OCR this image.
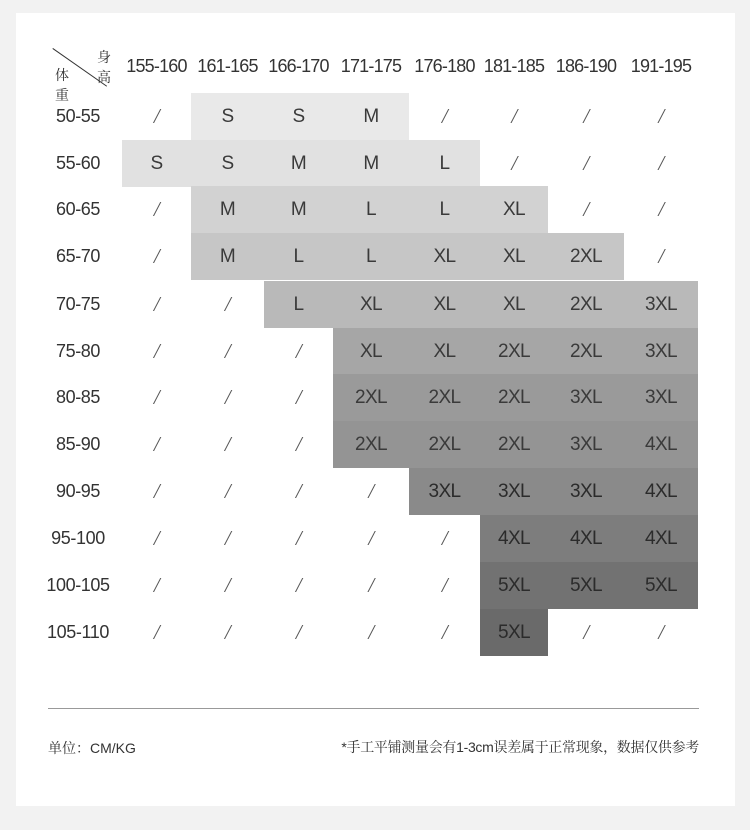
身高
体重
155-160 161-165 166-170 171-175 176-180 181-185 186-190 191-195
50-55	/	S	S	M	/	/	/	/
55-60	S	S	M	M	L	/	/	/
60-65	/	M	M	L	L	XL	/	/
65-70	/	M	L	L	XL	XL	2XL	/
70-75	/	/	L	XL	XL	XL	2XL	3XL
75-80	/	/	/	XL	XL	2XL	2XL	3XL
80-85	/	/	/	2XL	2XL	2XL	3XL	3XL
85-90	/	/	/	2XL	2XL	2XL	3XL	4XL
90-95	/	/	/	/	3XL	3XL	3XL	4XL
95-100	/	/	/	/	/	4XL	4XL	4XL
100-105	/	/	/	/	/	5XL	5XL	5XL
105-110	/	/	/	/	/	5XL	/	/
单位：CM/KG	*手工平铺测量会有1-3cm误差属于正常现象，数据仅供参考
